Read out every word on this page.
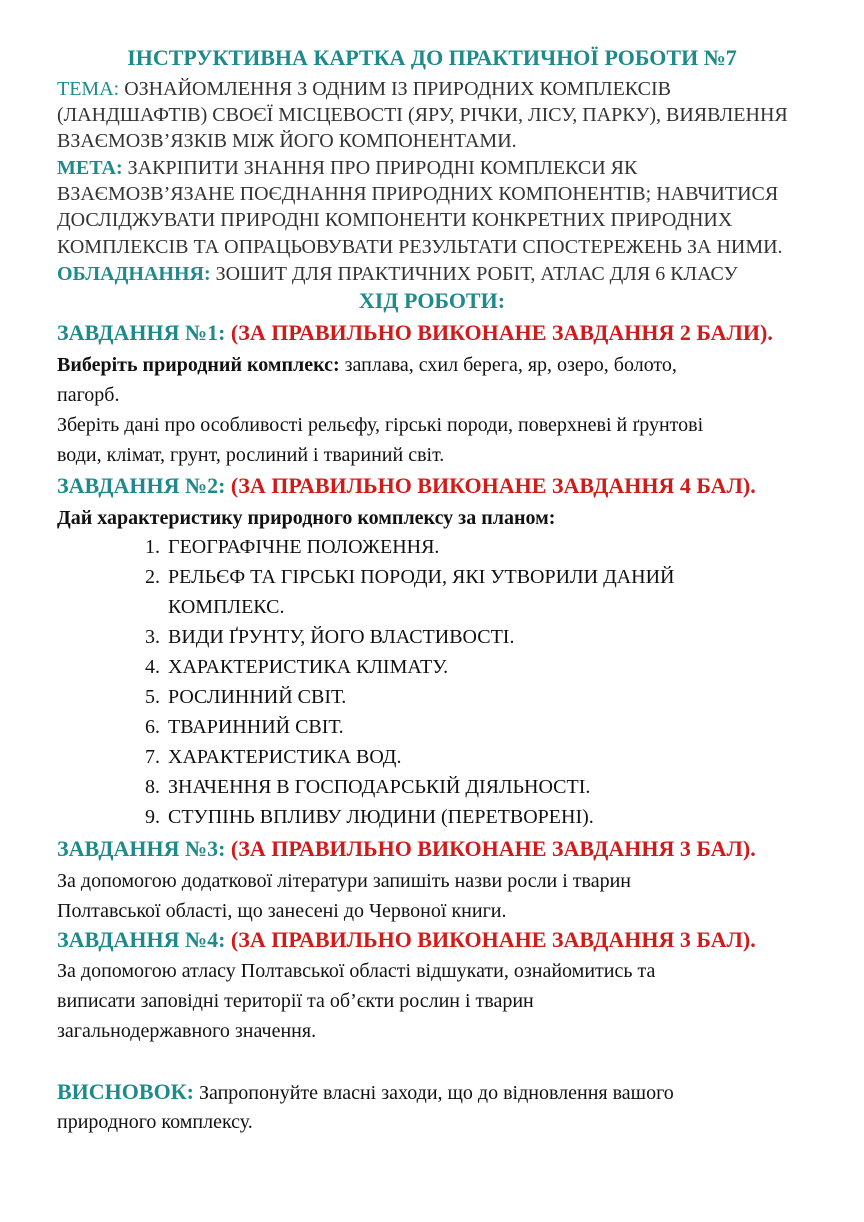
ІНСТРУКТИВНА КАРТКА ДО ПРАКТИЧНОЇ РОБОТИ №7

ТЕМА: ОЗНАЙОМЛЕННЯ З ОДНИМ ІЗ ПРИРОДНИХ КОМПЛЕКСІВ

(ЛАНДШАФТІВ) СВОЄЇ МІСЦЕВОСТІ (ЯРУ, РІЧКИ, ЛІСУ, ПАРКУ), ВИЯВЛЕННЯ

ВЗАЄМОЗВ’ЯЗКІВ МІЖ ЙОГО КОМПОНЕНТАМИ.

МЕТА: ЗАКРІПИТИ ЗНАННЯ ПРО ПРИРОДНІ КОМПЛЕКСИ ЯК

ВЗАЄМОЗВ’ЯЗАНЕ ПОЄДНАННЯ ПРИРОДНИХ КОМПОНЕНТІВ; НАВЧИТИСЯ

ДОСЛІДЖУВАТИ ПРИРОДНІ КОМПОНЕНТИ КОНКРЕТНИХ ПРИРОДНИХ

КОМПЛЕКСІВ ТА ОПРАЦЬОВУВАТИ РЕЗУЛЬТАТИ СПОСТЕРЕЖЕНЬ ЗА НИМИ.

ОБЛАДНАННЯ: ЗОШИТ ДЛЯ ПРАКТИЧНИХ РОБІТ, АТЛАС ДЛЯ 6 КЛАСУ

ХІД РОБОТИ:

ЗАВДАННЯ №1: (ЗА ПРАВИЛЬНО ВИКОНАНЕ ЗАВДАННЯ 2 БАЛИ).

Виберіть природний комплекс: заплава, схил берега, яр, озеро, болото,

пагорб.

Зберіть дані про особливості рельєфу, гірські породи, поверхневі й ґрунтові

води, клімат, грунт, рослиний і твариний світ.

ЗАВДАННЯ №2: (ЗА ПРАВИЛЬНО ВИКОНАНЕ ЗАВДАННЯ 4 БАЛ).

Дай характеристику природного комплексу за планом:

1. ГЕОГРАФІЧНЕ ПОЛОЖЕННЯ.
2. РЕЛЬЄФ ТА ГІРСЬКІ ПОРОДИ, ЯКІ УТВОРИЛИ ДАНИЙ
КОМПЛЕКС.
3. ВИДИ ҐРУНТУ, ЙОГО ВЛАСТИВОСТІ.
4. ХАРАКТЕРИСТИКА КЛІМАТУ.
5. РОСЛИННИЙ СВІТ.
6. ТВАРИННИЙ СВІТ.
7. ХАРАКТЕРИСТИКА ВОД.
8. ЗНАЧЕННЯ В ГОСПОДАРСЬКІЙ ДІЯЛЬНОСТІ.
9. СТУПІНЬ ВПЛИВУ ЛЮДИНИ (ПЕРЕТВОРЕНІ).

ЗАВДАННЯ №3: (ЗА ПРАВИЛЬНО ВИКОНАНЕ ЗАВДАННЯ 3 БАЛ).

За допомогою додаткової літератури запишіть назви росли і тварин

Полтавської області, що занесені до Червоної книги.

ЗАВДАННЯ №4: (ЗА ПРАВИЛЬНО ВИКОНАНЕ ЗАВДАННЯ 3 БАЛ).

За допомогою атласу Полтавської області відшукати, ознайомитись та

виписати заповідні території та об’єкти рослин і тварин

загальнодержавного значення.

ВИСНОВОК: Запропонуйте власні заходи, що до відновлення вашого

природного комплексу.
